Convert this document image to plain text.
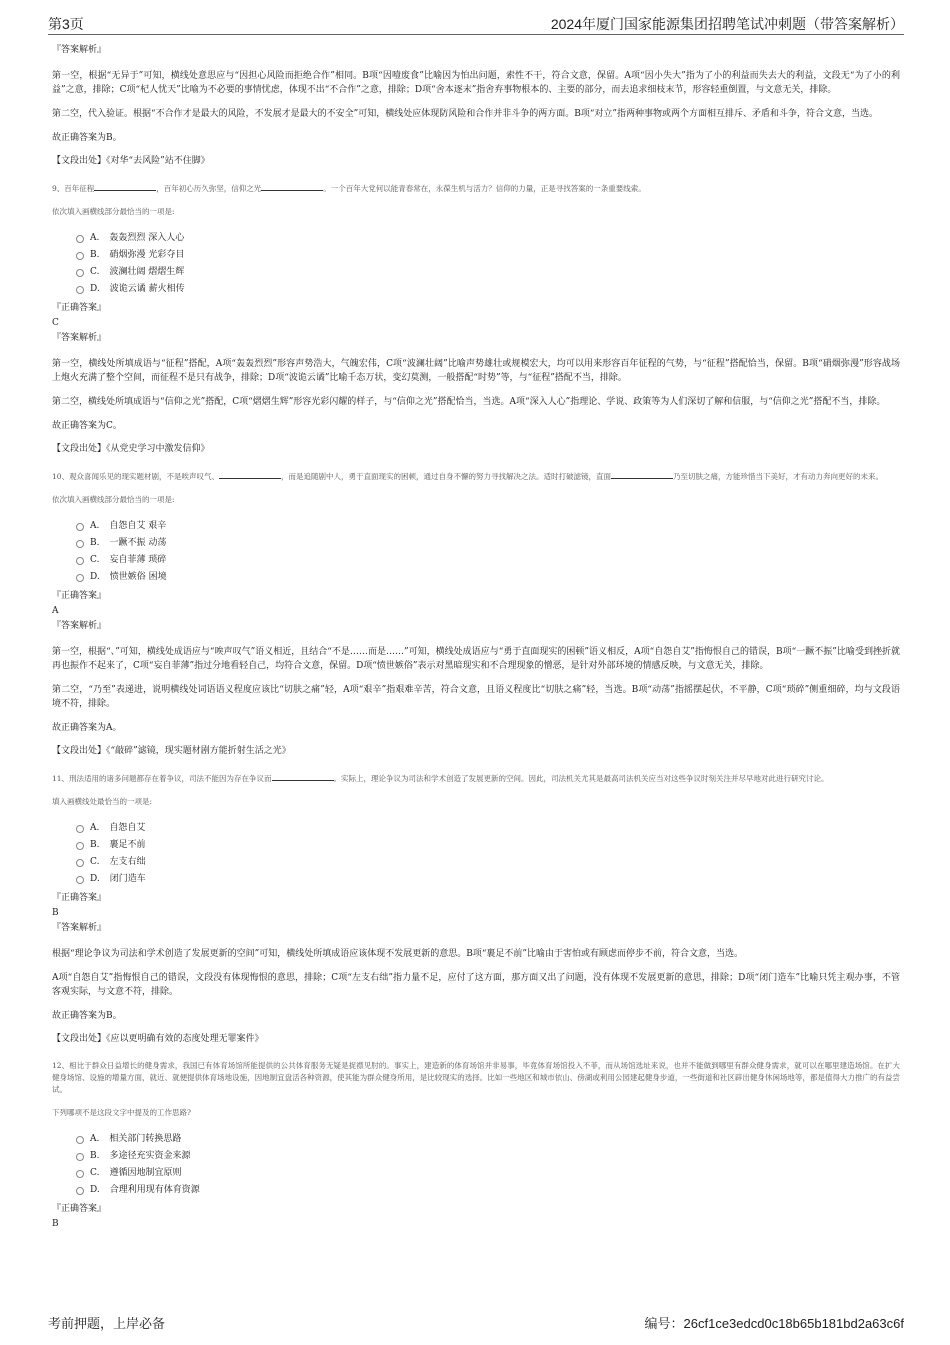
第3页	2024年厦门国家能源集团招聘笔试冲刺题（带答案解析）
『答案解析』
第一空，根据“无异于”可知，横线处意思应与“因担心风险而拒绝合作”相同。B项“因噎废食”比喻因为怕出问题，索性不干，符合文意，保留。A项“因小失大”指为了小的利益而失去大的利益，文段无“为了小的利益”之意，排除；C项“杞人忧天”比喻为不必要的事情忧虑，体现不出“不合作”之意，排除；D项“舍本逐末”指舍弃事物根本的、主要的部分，而去追求细枝末节，形容轻重倒置，与文意无关，排除。
第二空，代入验证。根据“不合作才是最大的风险，不发展才是最大的不安全”可知，横线处应体现防风险和合作并非斗争的两方面。B项“对立”指两种事物或两个方面相互排斥、矛盾和斗争，符合文意，当选。
故正确答案为B。
【文段出处】《对华“去风险”站不住脚》
9、百年征程	，百年初心历久弥坚，信仰之光	。一个百年大党何以能青春常在，永葆生机与活力？信仰的力量，正是寻找答案的一条重要线索。
依次填入画横线部分最恰当的一项是:
A. 轰轰烈烈 深入人心
B. 硝烟弥漫 光彩夺目
C. 波澜壮阔 熠熠生辉
D. 波诡云谲 薪火相传
『正确答案』
C
『答案解析』
第一空，横线处所填成语与“征程”搭配，A项“轰轰烈烈”形容声势浩大，气魄宏伟，C项“波澜壮阔”比喻声势雄壮或规模宏大，均可以用来形容百年征程的气势，与“征程”搭配恰当，保留。B项“硝烟弥漫”形容战场上炮火充满了整个空间，而征程不是只有战争，排除；D项“波诡云谲”比喻千态万状，变幻莫测，一般搭配“时势”等，与“征程”搭配不当，排除。
第二空，横线处所填成语与“信仰之光”搭配，C项“熠熠生辉”形容光彩闪耀的样子，与“信仰之光”搭配恰当，当选。A项“深入人心”指理论、学说、政策等为人们深切了解和信服，与“信仰之光”搭配不当，排除。
故正确答案为C。
【文段出处】《从党史学习中激发信仰》
10、观众喜闻乐见的现实题材剧，不是唉声叹气、	，而是追随剧中人，勇于直面现实的困顿，通过自身不懈的努力寻找解决之法。适时打破滤镜，直面	乃至切肤之痛，方能珍惜当下美好，才有动力奔向更好的未来。
依次填入画横线部分最恰当的一项是:
A. 自怨自艾 艰辛
B. 一蹶不振 动荡
C. 妄自菲薄 琐碎
D. 愤世嫉俗 困境
『正确答案』
A
『答案解析』
第一空，根据“、”可知，横线处成语应与“唉声叹气”语义相近，且结合“不是……而是……”可知，横线处成语应与“勇于直面现实的困顿”语义相反，A项“自怨自艾”指悔恨自己的错误，B项“一蹶不振”比喻受到挫折就再也振作不起来了，C项“妄自菲薄”指过分地看轻自己，均符合文意，保留。D项“愤世嫉俗”表示对黑暗现实和不合理现象的憎恶，是针对外部环境的情感反映，与文意无关，排除。
第二空，“乃至”表递进，说明横线处词语语义程度应该比“切肤之痛”轻，A项“艰辛”指艰难辛苦，符合文意，且语义程度比“切肤之痛”轻，当选。B项“动荡”指摇摆起伏，不平静，C项“琐碎”侧重细碎，均与文段语境不符，排除。
故正确答案为A。
【文段出处】《“敲碎”滤镜，现实题材剧方能折射生活之光》
11、刑法适用的诸多问题都存在着争议，司法不能因为存在争议而	。实际上，理论争议为司法和学术创造了发展更新的空间。因此，司法机关尤其是最高司法机关应当对这些争议时刻关注并尽早地对此进行研究讨论。
填入画横线处最恰当的一项是:
A. 自怨自艾
B. 裹足不前
C. 左支右绌
D. 闭门造车
『正确答案』
B
『答案解析』
根据“理论争议为司法和学术创造了发展更新的空间”可知，横线处所填成语应该体现不发展更新的意思。B项“裹足不前”比喻由于害怕或有顾虑而停步不前，符合文意，当选。
A项“自怨自艾”指悔恨自己的错误，文段没有体现悔恨的意思，排除；C项“左支右绌”指力量不足，应付了这方面，那方面又出了问题，没有体现不发展更新的意思，排除；D项“闭门造车”比喻只凭主观办事，不管客观实际，与文意不符，排除。
故正确答案为B。
【文段出处】《应以更明确有效的态度处理无罪案件》
12、相比于群众日益增长的健身需求，我国已有体育场馆所能提供的公共体育服务无疑是捉襟见肘的。事实上，建造新的体育场馆并非易事，毕竟体育场馆投入不菲，而从场馆选址来说，也并不能做到哪里有群众健身需求，就可以在哪里建造场馆。在扩大健身场馆、设施的增量方面，就近、就便提供体育场地设施，因地制宜盘活各种资源，使其能为群众健身所用，是比较现实的选择。比如一些地区和城市依山、傍湖或利用公园建起健身步道，一些街道和社区辟出健身休闲场地等，都是值得大力推广的有益尝试。
下列哪项不是这段文字中提及的工作思路?
A. 相关部门转换思路
B. 多途径充实资金来源
C. 遵循因地制宜原则
D. 合理利用现有体育资源
『正确答案』
B
考前押题，上岸必备	编号：26cf1ce3edcd0c18b65b181bd2a63c6f
